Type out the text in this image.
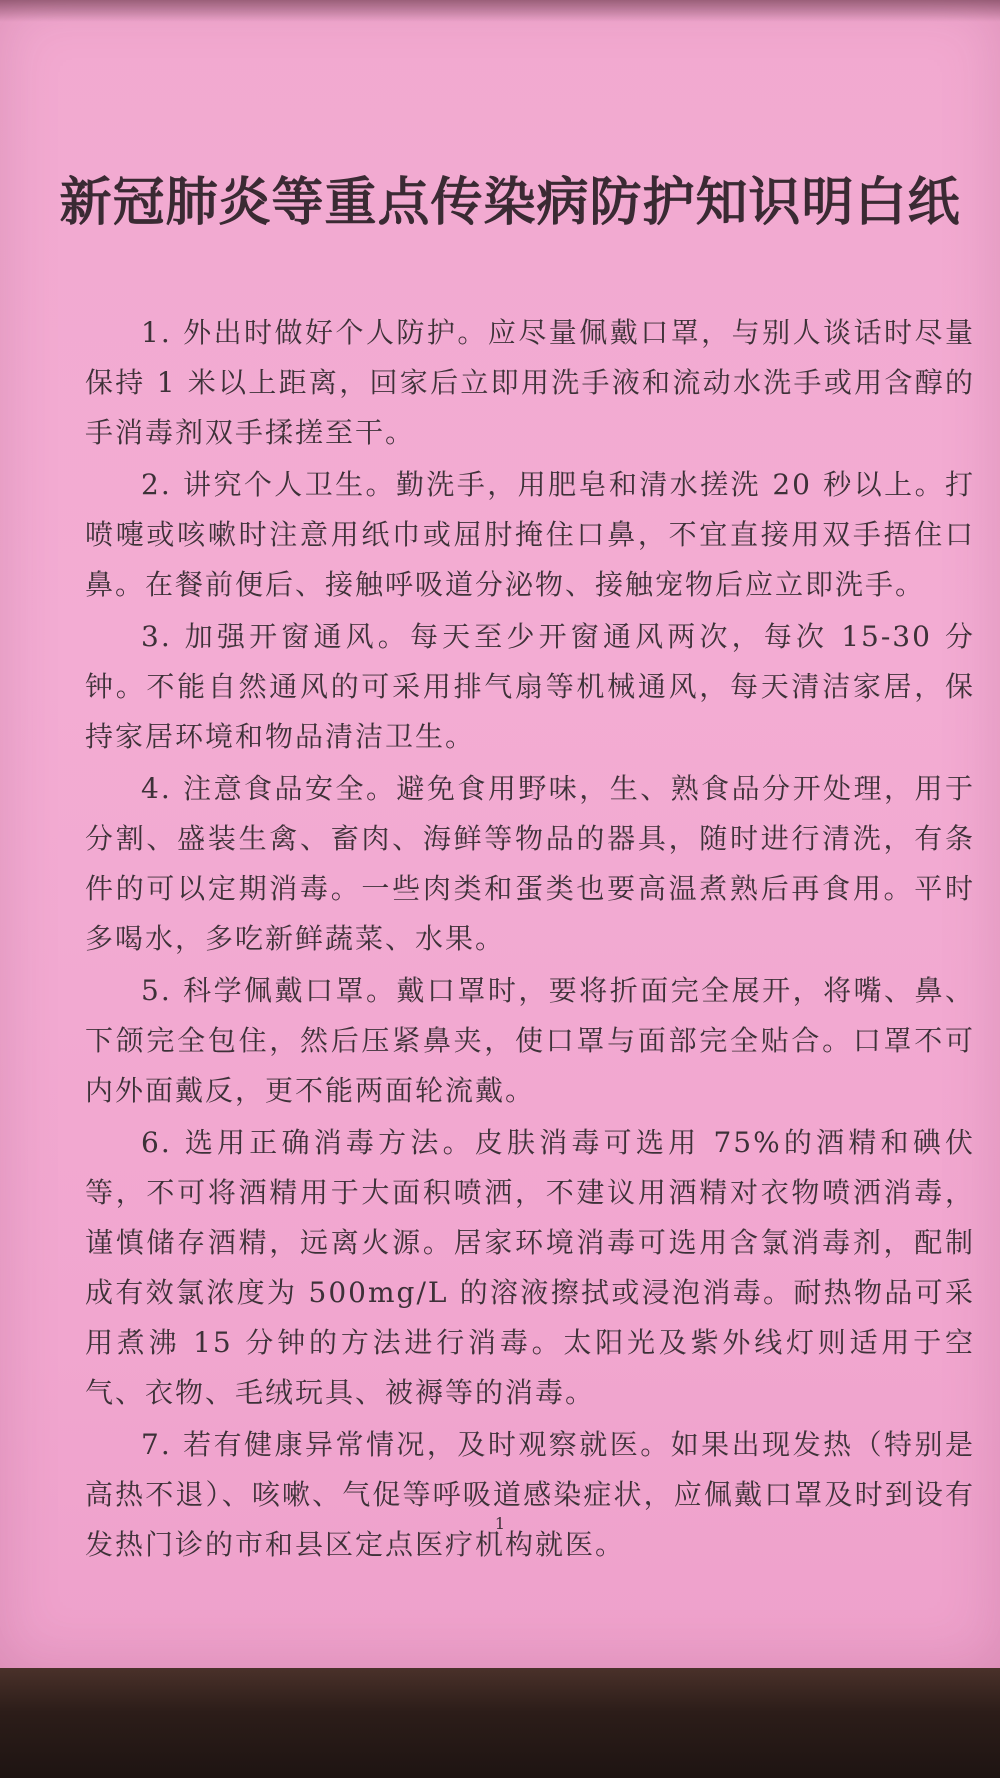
新冠肺炎等重点传染病防护知识明白纸

1. 外出时做好个人防护。应尽量佩戴口罩，与别人谈话时尽量保持 1 米以上距离，回家后立即用洗手液和流动水洗手或用含醇的手消毒剂双手揉搓至干。

2. 讲究个人卫生。勤洗手，用肥皂和清水搓洗 20 秒以上。打喷嚏或咳嗽时注意用纸巾或屈肘掩住口鼻，不宜直接用双手捂住口鼻。在餐前便后、接触呼吸道分泌物、接触宠物后应立即洗手。

3. 加强开窗通风。每天至少开窗通风两次，每次 15-30 分钟。不能自然通风的可采用排气扇等机械通风，每天清洁家居，保持家居环境和物品清洁卫生。

4. 注意食品安全。避免食用野味，生、熟食品分开处理，用于分割、盛装生禽、畜肉、海鲜等物品的器具，随时进行清洗，有条件的可以定期消毒。一些肉类和蛋类也要高温煮熟后再食用。平时多喝水，多吃新鲜蔬菜、水果。

5. 科学佩戴口罩。戴口罩时，要将折面完全展开，将嘴、鼻、下颌完全包住，然后压紧鼻夹，使口罩与面部完全贴合。口罩不可内外面戴反，更不能两面轮流戴。

6. 选用正确消毒方法。皮肤消毒可选用 75%的酒精和碘伏等，不可将酒精用于大面积喷洒，不建议用酒精对衣物喷洒消毒，谨慎储存酒精，远离火源。居家环境消毒可选用含氯消毒剂，配制成有效氯浓度为 500mg/L 的溶液擦拭或浸泡消毒。耐热物品可采用煮沸 15 分钟的方法进行消毒。太阳光及紫外线灯则适用于空气、衣物、毛绒玩具、被褥等的消毒。

7. 若有健康异常情况，及时观察就医。如果出现发热（特别是高热不退）、咳嗽、气促等呼吸道感染症状，应佩戴口罩及时到设有发热门诊的市和县区定点医疗机构就医。

1
